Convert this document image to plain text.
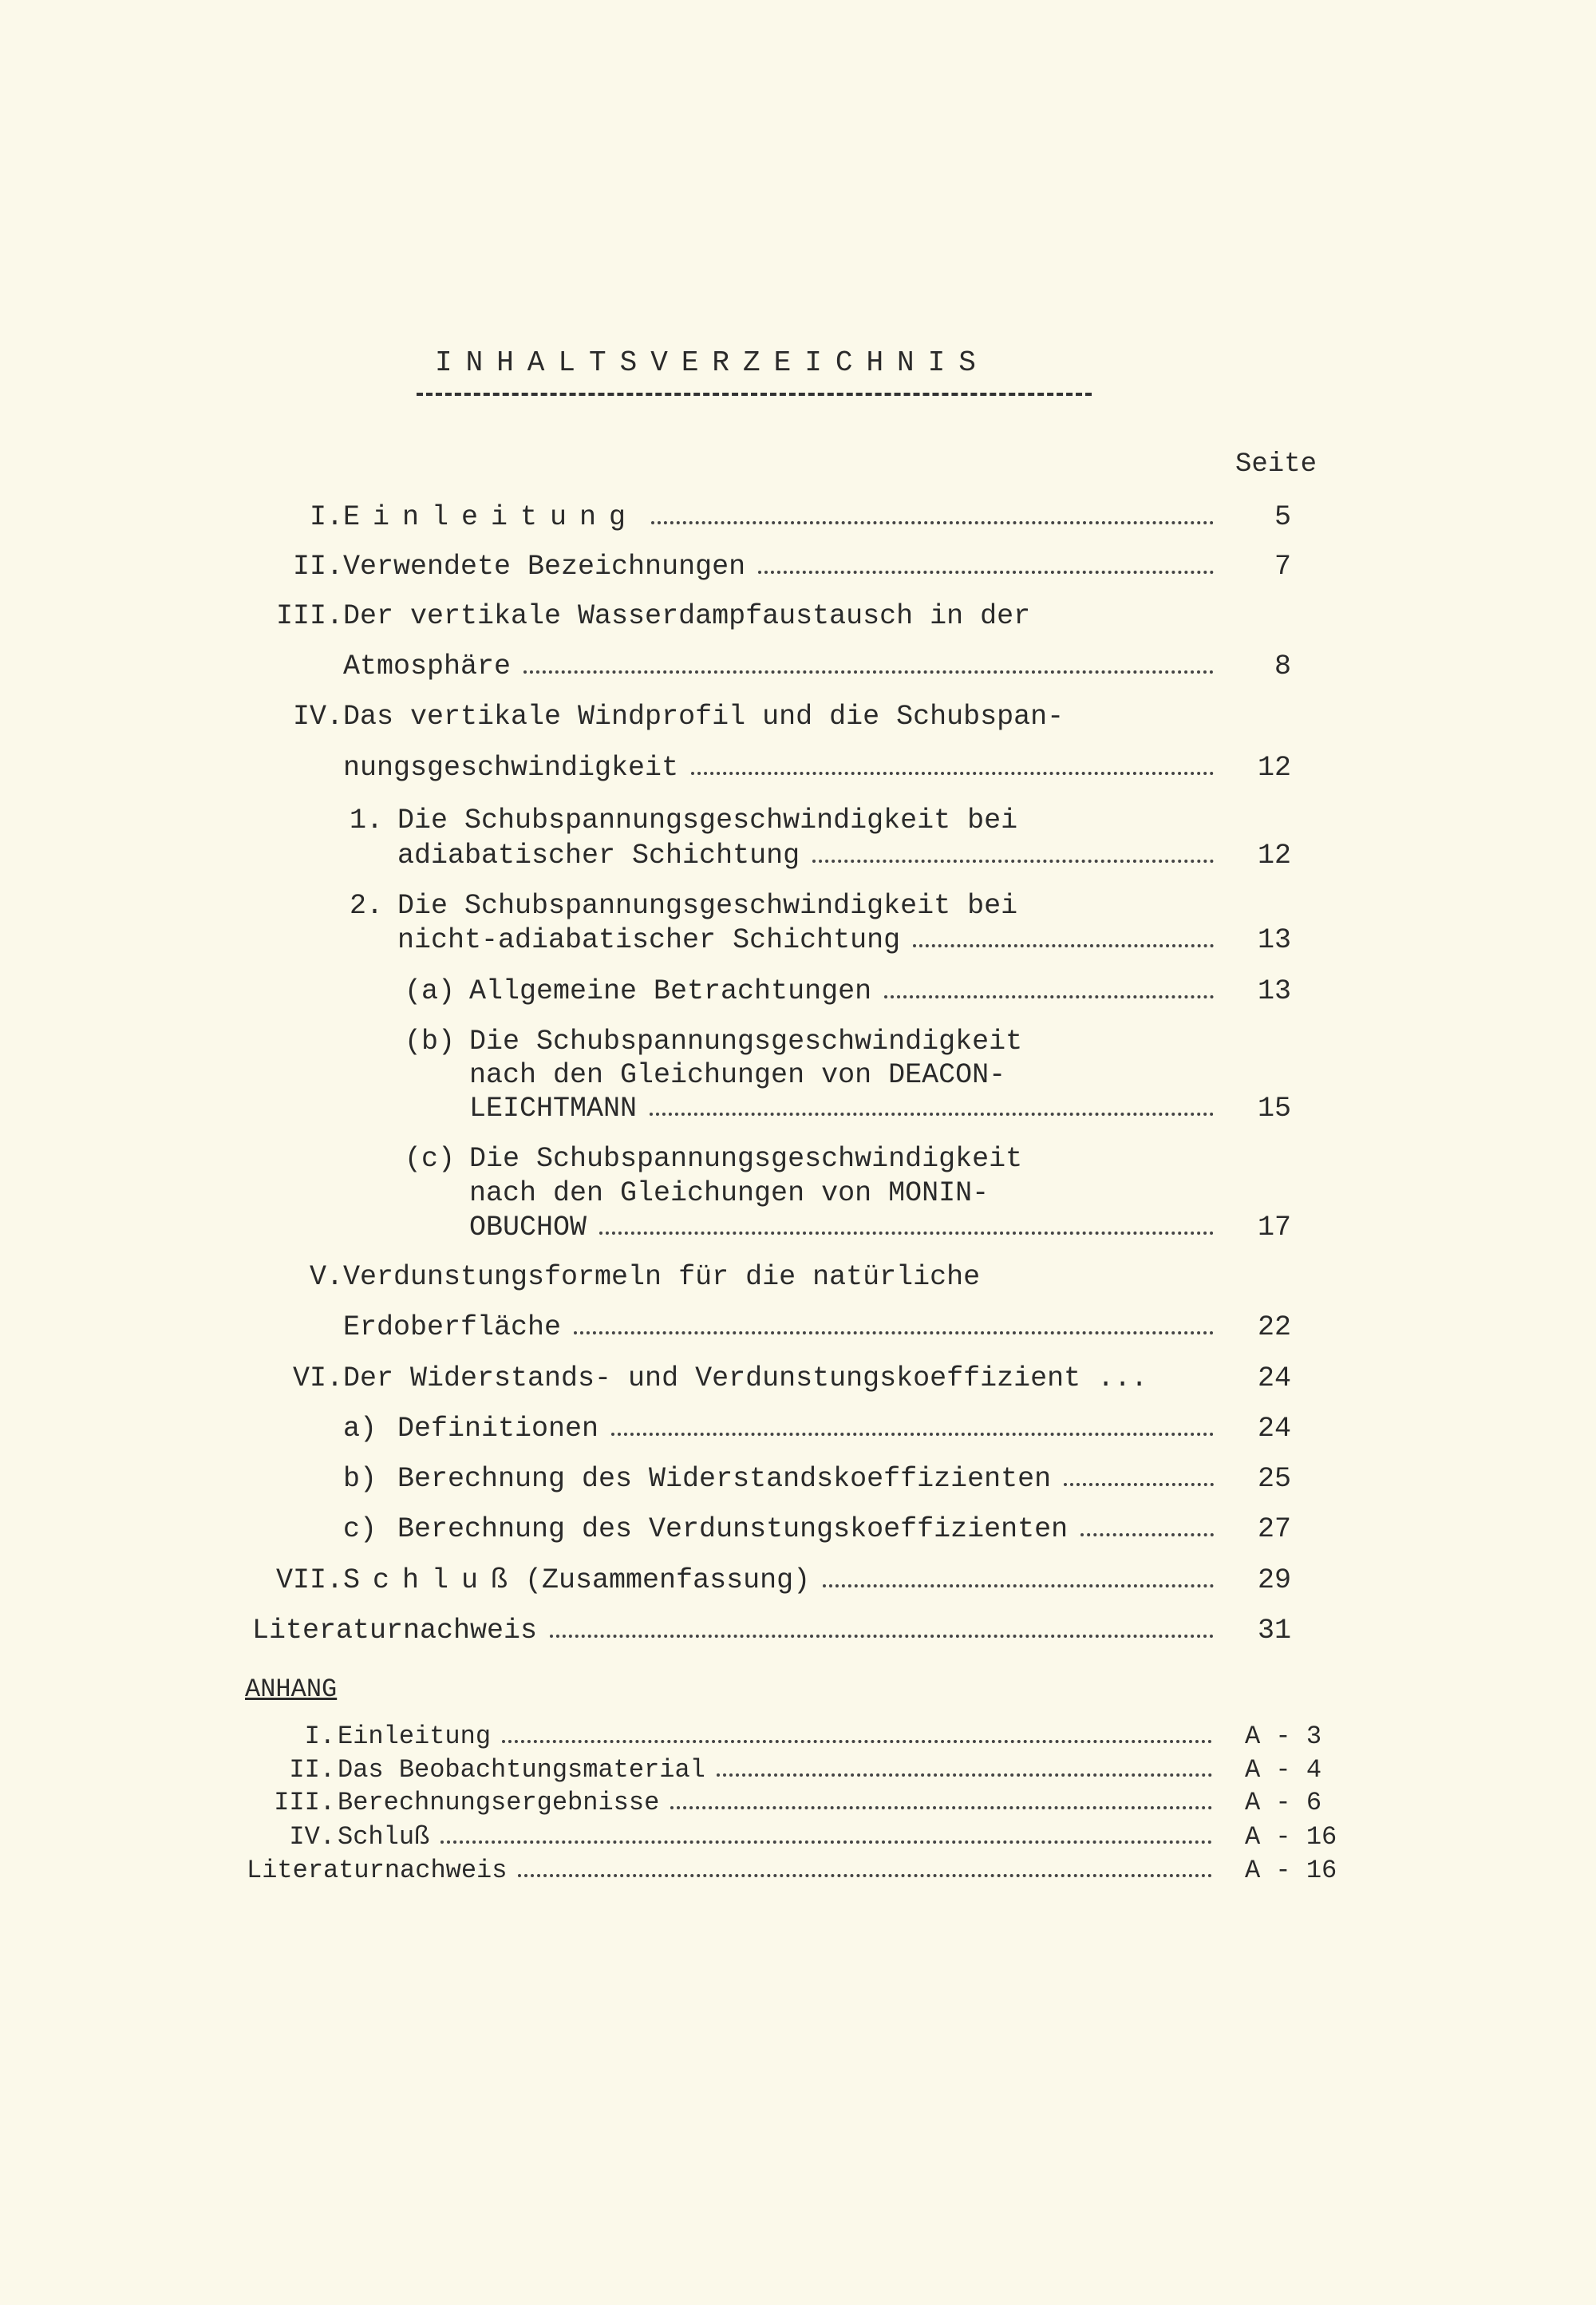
INHALTSVERZEICHNIS
Seite
I. Einleitung	5
II. Verwendete Bezeichnungen	7
III. Der vertikale Wasserdampfaustausch in der
Atmosphäre	8
IV. Das vertikale Windprofil und die Schubspan-
nungsgeschwindigkeit	12
1. Die Schubspannungsgeschwindigkeit bei
adiabatischer Schichtung	12
2. Die Schubspannungsgeschwindigkeit bei
nicht-adiabatischer Schichtung	13
(a) Allgemeine Betrachtungen	13
(b) Die Schubspannungsgeschwindigkeit
nach den Gleichungen von DEACON-
LEICHTMANN	15
(c) Die Schubspannungsgeschwindigkeit
nach den Gleichungen von MONIN-
OBUCHOW	17
V. Verdunstungsformeln für die natürliche
Erdoberfläche	22
VI. Der Widerstands- und Verdunstungskoeffizient ...	24
a) Definitionen	24
b) Berechnung des Widerstandskoeffizienten	25
c) Berechnung des Verdunstungskoeffizienten	27
VII. Schluß (Zusammenfassung)	29
Literaturnachweis	31
ANHANG
I. Einleitung	A - 3
II. Das Beobachtungsmaterial	A - 4
III. Berechnungsergebnisse	A - 6
IV. Schluß	A - 16
Literaturnachweis	A - 16
